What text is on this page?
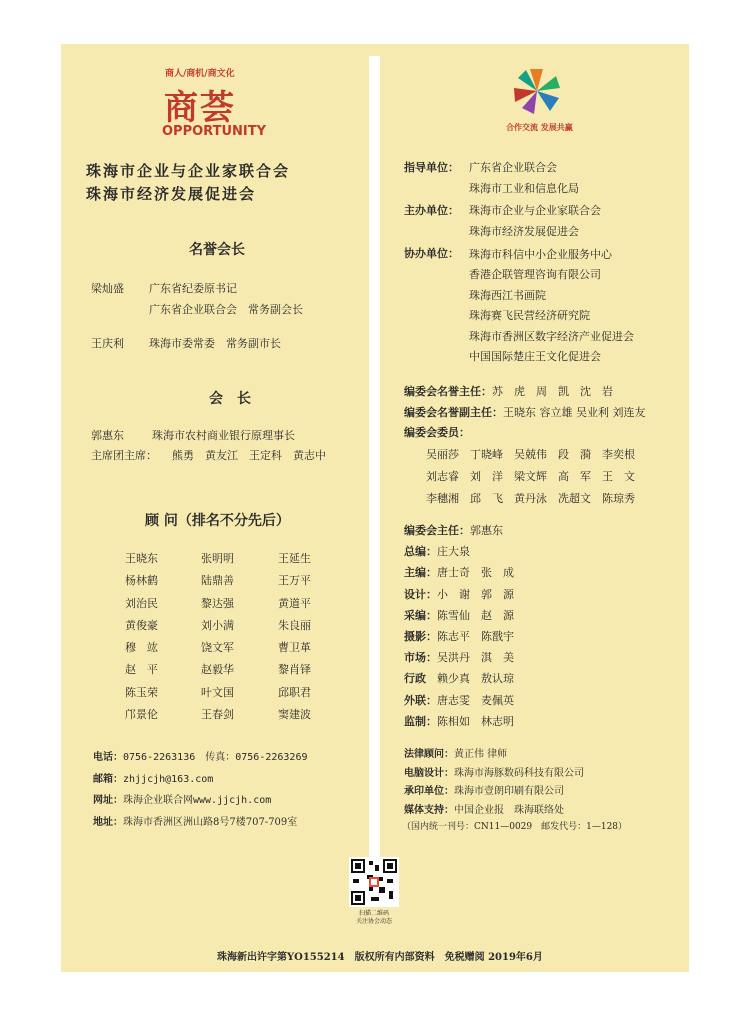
商人/商机/商文化
商荟
OPPORTUNITY	合作交流 发展共赢
珠海市企业与企业家联合会
珠海市经济发展促进会
名誉会长
梁灿盛 广东省纪委原书记
广东省企业联合会　常务副会长
王庆利 珠海市委常委　常务副市长
会　长
郭惠东	珠海市农村商业银行原理事长
主席团主席： 熊勇　黄友江　王定科　黄志中
顾 问（排名不分先后）
王晓东
杨林鹤
刘治民
黄俊豪
穆　竑
赵　平
陈玉荣
邝景伦
张明明
陆鼎善
黎达强
刘小满
饶文军
赵毅华
叶文国
王春剑
王延生
王万平
黄道平
朱良丽
曹卫革
黎肖铎
邱职君
窦建波
电话：0756-2263136　传真：0756-2263269
邮箱：zhjjcjh@163.com
网址：珠海企业联合网www.jjcjh.com
地址：珠海市香洲区洲山路8号7楼707-709室
指导单位： 广东省企业联合会
珠海市工业和信息化局
主办单位： 珠海市企业与企业家联合会
珠海市经济发展促进会
协办单位： 珠海市科信中小企业服务中心
香港企联管理咨询有限公司
珠海西江书画院
珠海赛飞民营经济研究院
珠海市香洲区数字经济产业促进会
中国国际楚庄王文化促进会
编委会名誉主任：苏　虎　周　凯　沈　岩
编委会名誉副主任：王晓东 容立雄 吴业利 刘连友
编委会委员：
吴丽莎　丁晓峰　吴兢伟　段　漪　李奕根
刘志睿　刘　洋　梁文辉　高　军　王　文
李穗湘　邱　飞　黄丹泳　冼超文　陈琼秀
编委会主任：郭惠东
总编：庄大泉
主编：唐士奇　张　成
设计：小　谢　郭　源
采编：陈雪仙　赵　源
摄影：陈志平　陈戬宇
市场：吴洪丹　淇　美
行政　赖少真　敖认琼
外联：唐志雯　麦佩英
监制：陈相如　林志明
法律顾问：黄正伟 律师
电脑设计：珠海市海豚数码科技有限公司
承印单位：珠海市壹朗印刷有限公司
媒体支持：中国企业报　珠海联络处
（国内统一刊号：CN11—0029　邮发代号：1—128）
扫描二维码
关注协会动态
珠海新出许字第YO155214　版权所有内部资料　免税赠阅 2019年6月
